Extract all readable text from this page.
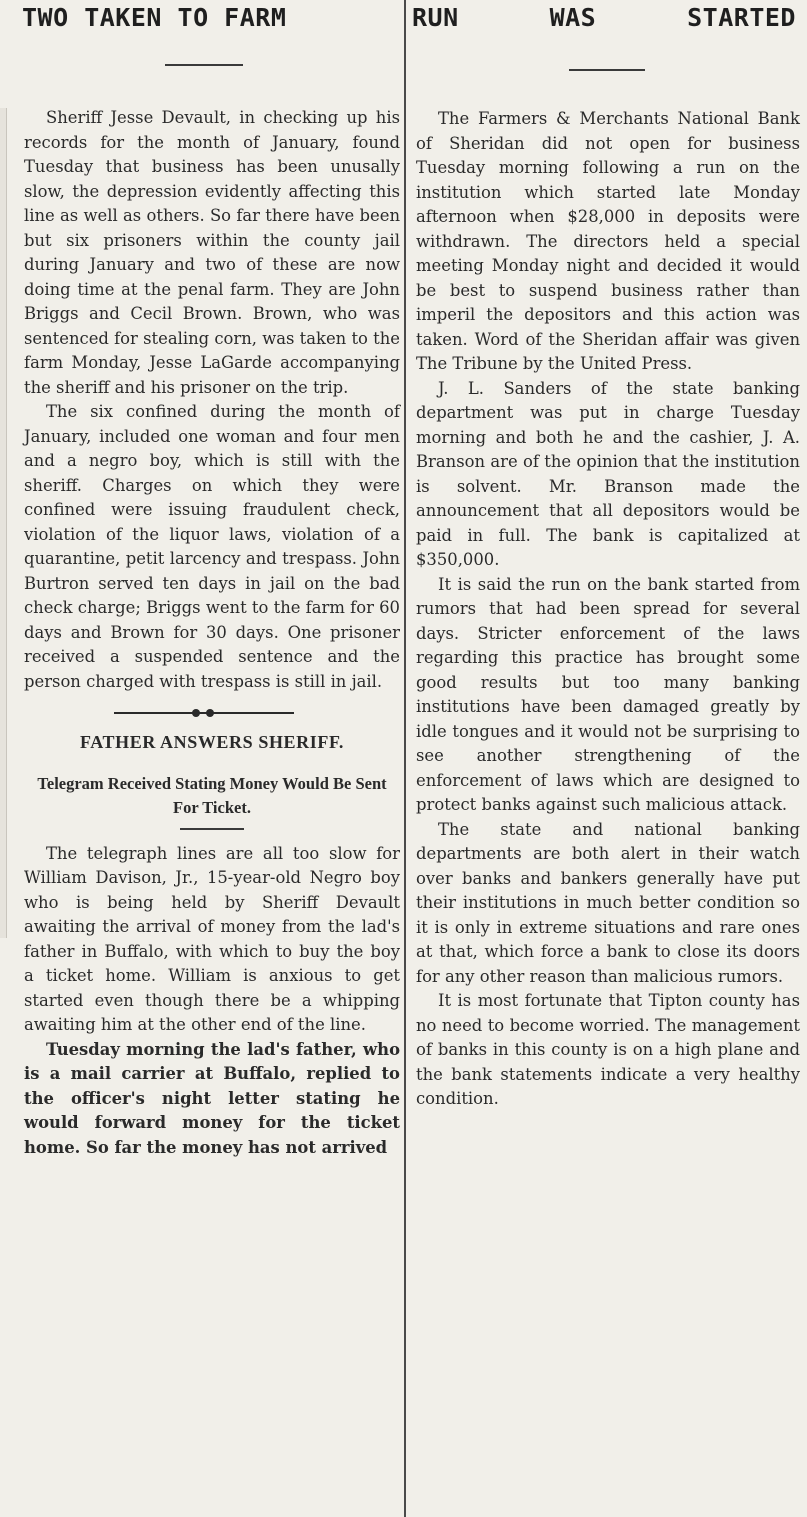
TWO TAKEN TO FARM

Sheriff Jesse Devault, in checking up his records for the month of January, found Tuesday that business has been unusally slow, the depression evidently affecting this line as well as others. So far there have been but six prisoners within the county jail during January and two of these are now doing time at the penal farm. They are John Briggs and Cecil Brown. Brown, who was sentenced for stealing corn, was taken to the farm Monday, Jesse LaGarde accompanying the sheriff and his prisoner on the trip.

The six confined during the month of January, included one woman and four men and a negro boy, which is still with the sheriff. Charges on which they were confined were issuing fraudulent check, violation of the liquor laws, violation of a quarantine, petit larcency and trespass. John Burtron served ten days in jail on the bad check charge; Briggs went to the farm for 60 days and Brown for 30 days. One prisoner received a suspended sentence and the person charged with trespass is still in jail.

FATHER ANSWERS SHERIFF.
Telegram Received Stating Money Would Be Sent For Ticket.

The telegraph lines are all too slow for William Davison, Jr., 15-year-old Negro boy who is being held by Sheriff Devault awaiting the arrival of money from the lad's father in Buffalo, with which to buy the boy a ticket home. William is anxious to get started even though there be a whipping awaiting him at the other end of the line.

Tuesday morning the lad's father, who is a mail carrier at Buffalo, replied to the officer's night letter stating he would forward money for the ticket home. So far the money has not arrived

RUN	WAS	STARTED

The Farmers & Merchants National Bank of Sheridan did not open for business Tuesday morning following a run on the institution which started late Monday afternoon when $28,000 in deposits were withdrawn. The directors held a special meeting Monday night and decided it would be best to suspend business rather than imperil the depositors and this action was taken. Word of the Sheridan affair was given The Tribune by the United Press.

J. L. Sanders of the state banking department was put in charge Tuesday morning and both he and the cashier, J. A. Branson are of the opinion that the institution is solvent. Mr. Branson made the announcement that all depositors would be paid in full. The bank is capitalized at $350,000.

It is said the run on the bank started from rumors that had been spread for several days. Stricter enforcement of the laws regarding this practice has brought some good results but too many banking institutions have been damaged greatly by idle tongues and it would not be surprising to see another strengthening of the enforcement of laws which are designed to protect banks against such malicious attack.

The state and national banking departments are both alert in their watch over banks and bankers generally have put their institutions in much better condition so it is only in extreme situations and rare ones at that, which force a bank to close its doors for any other reason than malicious rumors.

It is most fortunate that Tipton county has no need to become worried. The management of banks in this county is on a high plane and the bank statements indicate a very healthy condition.
